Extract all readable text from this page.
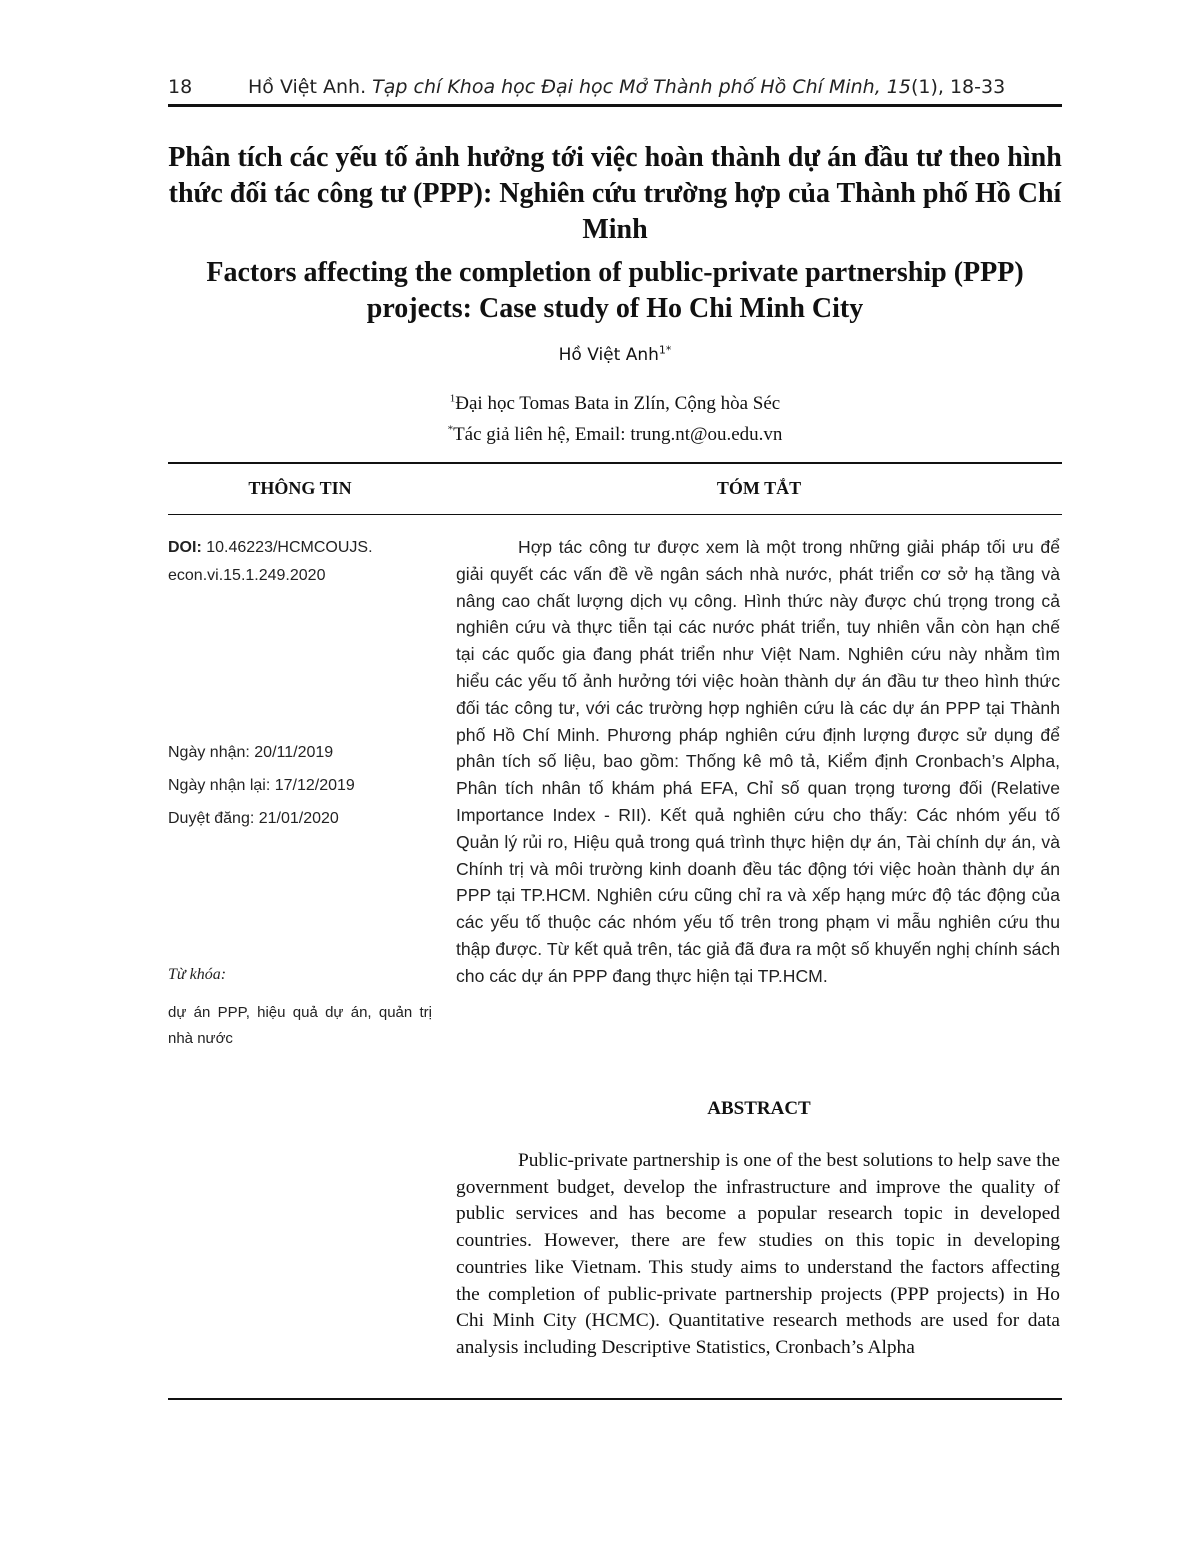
18	Hồ Việt Anh. Tạp chí Khoa học Đại học Mở Thành phố Hồ Chí Minh, 15(1), 18-33
Phân tích các yếu tố ảnh hưởng tới việc hoàn thành dự án đầu tư theo hình thức đối tác công tư (PPP): Nghiên cứu trường hợp của Thành phố Hồ Chí Minh
Factors affecting the completion of public-private partnership (PPP) projects: Case study of Ho Chi Minh City
Hồ Việt Anh$^{1*}$
$^1$Đại học Tomas Bata in Zlín, Cộng hòa Séc
*Tác giả liên hệ, Email: trung.nt@ou.edu.vn
THÔNG TIN	TÓM TẮT
DOI: 10.46223/HCMCOUJS. econ.vi.15.1.249.2020
Ngày nhận: 20/11/2019
Ngày nhận lại: 17/12/2019
Duyệt đăng: 21/01/2020
Từ khóa:
dự án PPP, hiệu quả dự án, quản trị nhà nước
Hợp tác công tư được xem là một trong những giải pháp tối ưu để giải quyết các vấn đề về ngân sách nhà nước, phát triển cơ sở hạ tầng và nâng cao chất lượng dịch vụ công. Hình thức này được chú trọng trong cả nghiên cứu và thực tiễn tại các nước phát triển, tuy nhiên vẫn còn hạn chế tại các quốc gia đang phát triển như Việt Nam. Nghiên cứu này nhằm tìm hiểu các yếu tố ảnh hưởng tới việc hoàn thành dự án đầu tư theo hình thức đối tác công tư, với các trường hợp nghiên cứu là các dự án PPP tại Thành phố Hồ Chí Minh. Phương pháp nghiên cứu định lượng được sử dụng để phân tích số liệu, bao gồm: Thống kê mô tả, Kiểm định Cronbach’s Alpha, Phân tích nhân tố khám phá EFA, Chỉ số quan trọng tương đối (Relative Importance Index - RII). Kết quả nghiên cứu cho thấy: Các nhóm yếu tố Quản lý rủi ro, Hiệu quả trong quá trình thực hiện dự án, Tài chính dự án, và Chính trị và môi trường kinh doanh đều tác động tới việc hoàn thành dự án PPP tại TP.HCM. Nghiên cứu cũng chỉ ra và xếp hạng mức độ tác động của các yếu tố thuộc các nhóm yếu tố trên trong phạm vi mẫu nghiên cứu thu thập được. Từ kết quả trên, tác giả đã đưa ra một số khuyến nghị chính sách cho các dự án PPP đang thực hiện tại TP.HCM.
ABSTRACT
Public-private partnership is one of the best solutions to help save the government budget, develop the infrastructure and improve the quality of public services and has become a popular research topic in developed countries. However, there are few studies on this topic in developing countries like Vietnam. This study aims to understand the factors affecting the completion of public-private partnership projects (PPP projects) in Ho Chi Minh City (HCMC). Quantitative research methods are used for data analysis including Descriptive Statistics, Cronbach’s Alpha
